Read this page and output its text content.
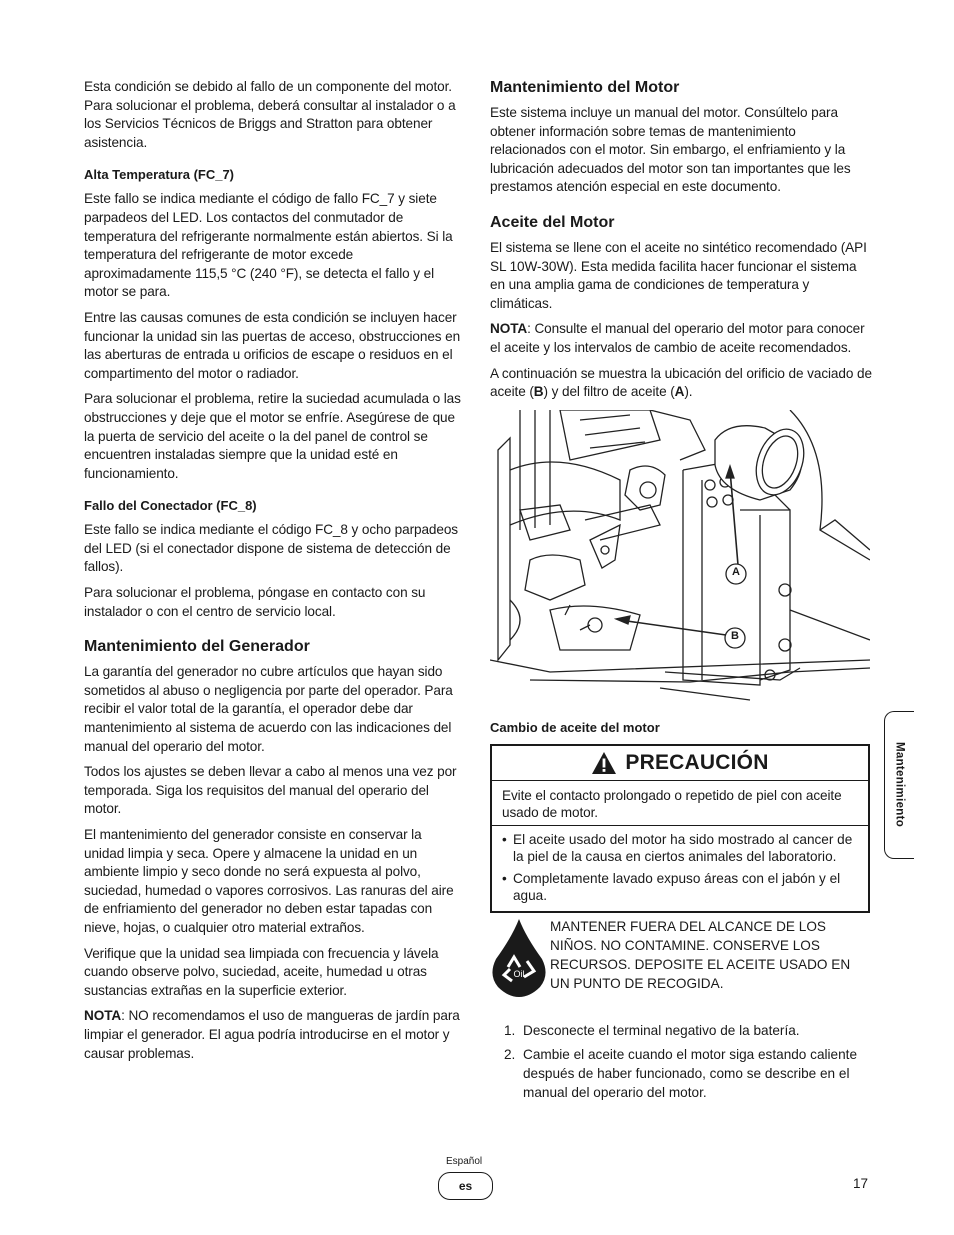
Esta condición se debido al fallo de un componente del motor. Para solucionar el problema, deberá consultar al instalador o a los Servicios Técnicos de Briggs and Stratton para obtener asistencia.

Alta Temperatura (FC_7)

Este fallo se indica mediante el código de fallo FC_7 y siete parpadeos del LED. Los contactos del conmutador de temperatura del refrigerante normalmente están abiertos. Si la temperatura del refrigerante de motor excede aproximadamente 115,5 °C (240 °F), se detecta el fallo y el motor se para.

Entre las causas comunes de esta condición se incluyen hacer funcionar la unidad sin las puertas de acceso, obstrucciones en las aberturas de entrada u orificios de escape o residuos en el compartimento del motor o radiador.

Para solucionar el problema, retire la suciedad acumulada o las obstrucciones y deje que el motor se enfríe. Asegúrese de que la puerta de servicio del aceite o la del panel de control se encuentren instaladas siempre que la unidad esté en funcionamiento.

Fallo del Conectador (FC_8)

Este fallo se indica mediante el código FC_8 y ocho parpadeos del LED (si el conectador dispone de sistema de detección de fallos).

Para solucionar el problema, póngase en contacto con su instalador o con el centro de servicio local.

Mantenimiento del Generador

La garantía del generador no cubre artículos que hayan sido sometidos al abuso o negligencia por parte del operador. Para recibir el valor total de la garantía, el operador debe dar mantenimiento al sistema de acuerdo con las indicaciones del manual del operario del motor.

Todos los ajustes se deben llevar a cabo al menos una vez por temporada. Siga los requisitos del manual del operario del motor.

El mantenimiento del generador consiste en conservar la unidad limpia y seca. Opere y almacene la unidad en un ambiente limpio y seco donde no será expuesta al polvo, suciedad, humedad o vapores corrosivos. Las ranuras del aire de enfriamiento del generador no deben estar tapadas con nieve, hojas, o cualquier otro material extraños.

Verifique que la unidad sea limpiada con frecuencia y lávela cuando observe polvo, suciedad, aceite, humedad u otras sustancias extrañas en la superficie exterior.

NOTA: NO recomendamos el uso de mangueras de jardín para limpiar el generador. El agua podría introducirse en el motor y causar problemas.

Mantenimiento del Motor

Este sistema incluye un manual del motor. Consúltelo para obtener información sobre temas de mantenimiento relacionados con el motor. Sin embargo, el enfriamiento y la lubricación adecuados del motor son tan importantes que les prestamos atención especial en este documento.

Aceite del Motor

El sistema se llene con el aceite no sintético recomendado (API SL 10W-30W). Esta medida facilita hacer funcionar el sistema en una amplia gama de condiciones de temperatura y climáticas.

NOTA: Consulte el manual del operario del motor para conocer el aceite y los intervalos de cambio de aceite recomendados.

A continuación se muestra la ubicación del orificio de vaciado de aceite (B) y del filtro de aceite (A).

A
B
Cambio de aceite del motor
PRECAUCIÓN

Evite el contacto prolongado o repetido de piel con aceite usado de motor.

• El aceite usado del motor ha sido mostrado al cancer de la piel de la causa en ciertos animales del laboratorio.
• Completamente lavado expuso áreas con el jabón y el agua.
Oil
MANTENER FUERA DEL ALCANCE DE LOS NIÑOS. NO CONTAMINE. CONSERVE LOS RECURSOS. DEPOSITE EL ACEITE USADO EN UN PUNTO DE RECOGIDA.
1. Desconecte el terminal negativo de la batería.
2. Cambie el aceite cuando el motor siga estando caliente después de haber funcionado, como se describe en el manual del operario del motor.
Mantenimiento
Español
es	17
